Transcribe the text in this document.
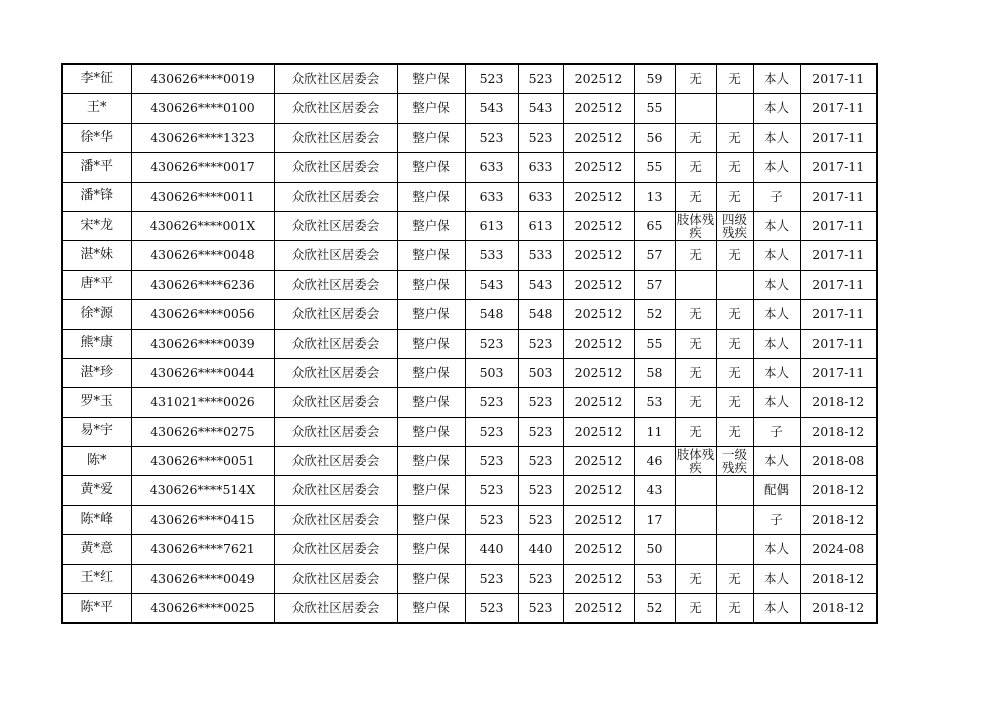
李*征	430626****0019	众欣社区居委会	整户保	523	523	202512	59	无	无	本人	2017-11
王*	430626****0100	众欣社区居委会	整户保	543	543	202512	55			本人	2017-11
徐*华	430626****1323	众欣社区居委会	整户保	523	523	202512	56	无	无	本人	2017-11
潘*平	430626****0017	众欣社区居委会	整户保	633	633	202512	55	无	无	本人	2017-11
潘*锋	430626****0011	众欣社区居委会	整户保	633	633	202512	13	无	无	子	2017-11
宋*龙	430626****001X	众欣社区居委会	整户保	613	613	202512	65	肢体残疾	四级残疾	本人	2017-11
湛*妹	430626****0048	众欣社区居委会	整户保	533	533	202512	57	无	无	本人	2017-11
唐*平	430626****6236	众欣社区居委会	整户保	543	543	202512	57			本人	2017-11
徐*源	430626****0056	众欣社区居委会	整户保	548	548	202512	52	无	无	本人	2017-11
熊*康	430626****0039	众欣社区居委会	整户保	523	523	202512	55	无	无	本人	2017-11
湛*珍	430626****0044	众欣社区居委会	整户保	503	503	202512	58	无	无	本人	2017-11
罗*玉	431021****0026	众欣社区居委会	整户保	523	523	202512	53	无	无	本人	2018-12
易*宇	430626****0275	众欣社区居委会	整户保	523	523	202512	11	无	无	子	2018-12
陈*	430626****0051	众欣社区居委会	整户保	523	523	202512	46	肢体残疾	一级残疾	本人	2018-08
黄*爱	430626****514X	众欣社区居委会	整户保	523	523	202512	43			配偶	2018-12
陈*峰	430626****0415	众欣社区居委会	整户保	523	523	202512	17			子	2018-12
黄*意	430626****7621	众欣社区居委会	整户保	440	440	202512	50			本人	2024-08
王*红	430626****0049	众欣社区居委会	整户保	523	523	202512	53	无	无	本人	2018-12
陈*平	430626****0025	众欣社区居委会	整户保	523	523	202512	52	无	无	本人	2018-12
